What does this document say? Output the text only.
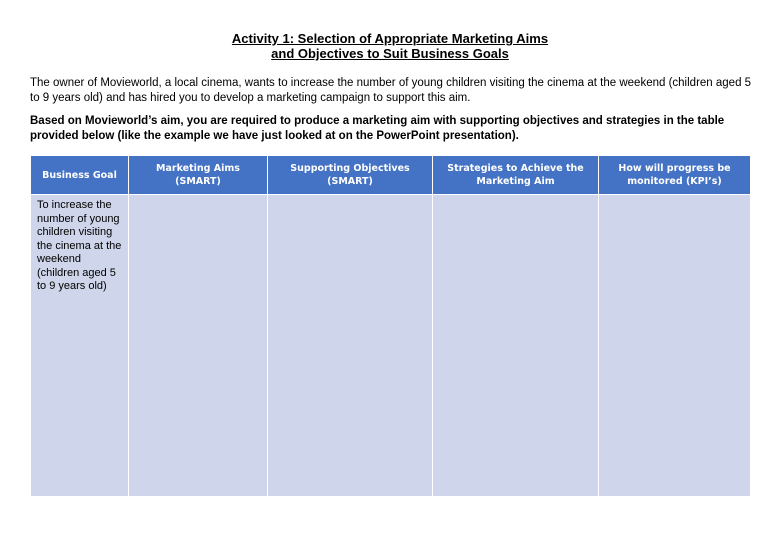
Activity 1: Selection of Appropriate Marketing Aims
and Objectives to Suit Business Goals
The owner of Movieworld, a local cinema, wants to increase the number of young children visiting the cinema at the weekend (children aged 5 to 9 years old) and has hired you to develop a marketing campaign to support this aim.
Based on Movieworld’s aim, you are required to produce a marketing aim with supporting objectives and strategies in the table provided below (like the example we have just looked at on the PowerPoint presentation).
Business Goal	Marketing Aims (SMART)	Supporting Objectives (SMART)	Strategies to Achieve the Marketing Aim	How will progress be monitored (KPI’s)
To increase the number of young children visiting the cinema at the weekend (children aged 5 to 9 years old)				
